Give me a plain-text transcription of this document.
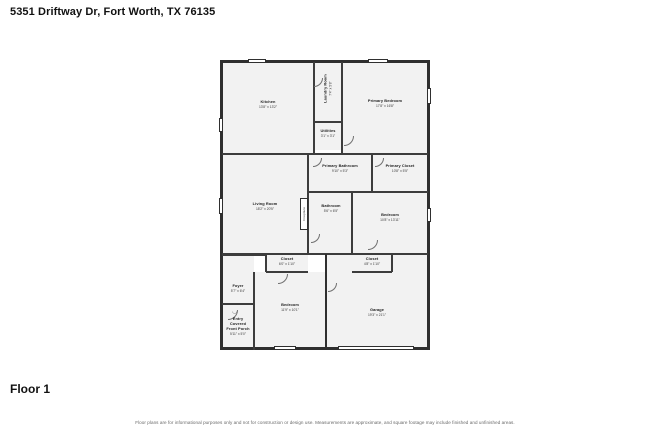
5351 Driftway Dr, Fort Worth, TX 76135
Fireplace
◡
Kitchen
13'8" x 13'2"
Laundry Room 7'4" x 5'8"
Utilities
3'1" x 3'1"
Primary Bedroom
17'8" x 16'8"
Primary Bathroom
9'10" x 5'3"
Primary Closet
10'8" x 5'5"
Living Room
18'2" x 20'5"
Bathroom
5'6" x 6'5"
Bedroom
10'8" x 13'11"
Closet
6'0" x 1'10"
Closet
4'8" x 1'10"
Bedroom
11'9" x 10'1"	Garage
19'3" x 21'1"
Foyer
5'7" x 6'4"
Entry
Covered
Front Porch
5'11" x 5'0"
Floor 1
Floor plans are for informational purposes only and not for construction or design use. Measurements are approximate, and square footage may include finished and unfinished areas.
